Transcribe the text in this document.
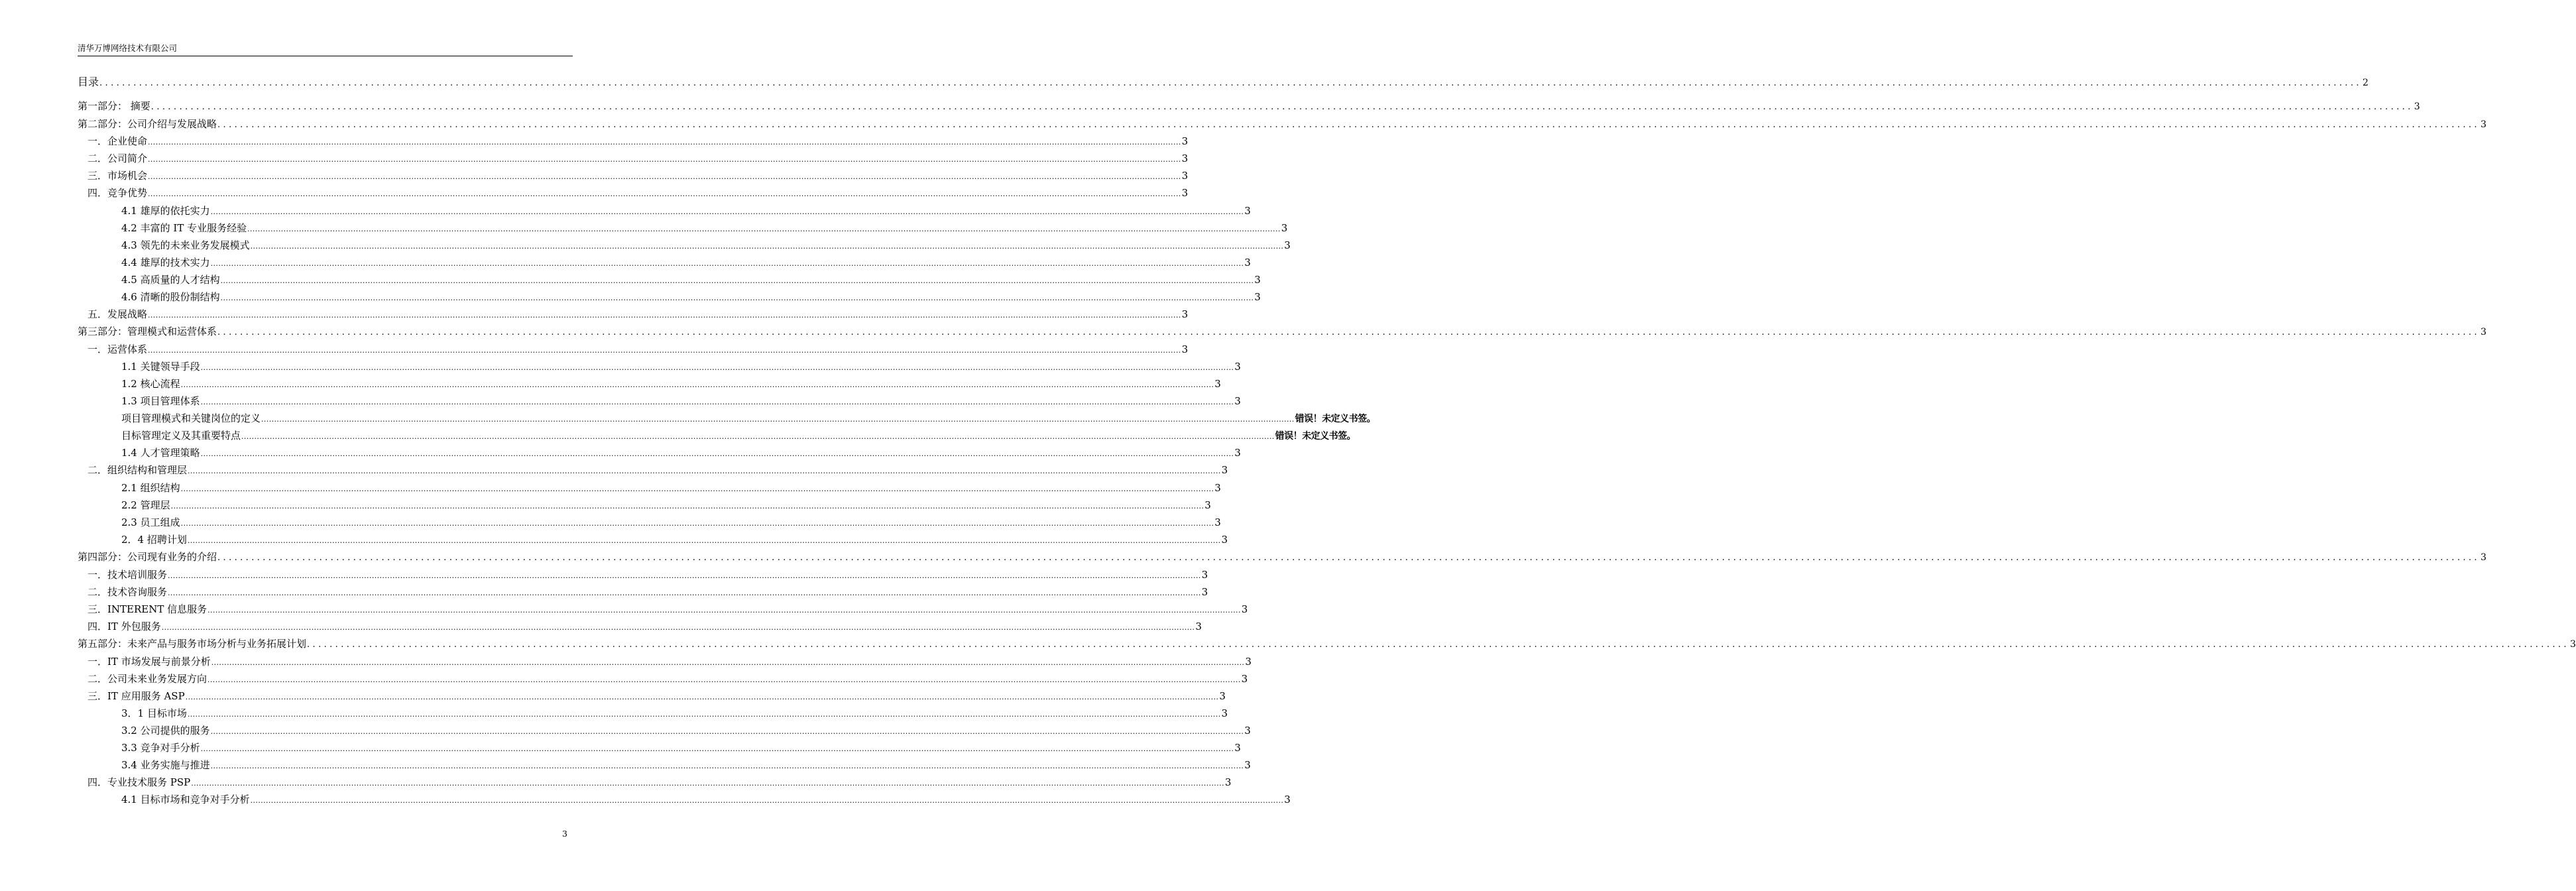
清华万博网络技术有限公司
目录 ................................................................................................................................................................................................................................................................................................................................................................................................................ 2
第一部分： 摘要 ................................................................................................................................................................................................................................................................................................................................................................................................................ 3
第二部分：公司介绍与发展战略 ................................................................................................................................................................................................................................................................................................................................................................................................................ 3
一．企业使命 ................................................................................................................................................................................................................................................................................................................................................................................................................ 3
二．公司简介 ................................................................................................................................................................................................................................................................................................................................................................................................................ 3
三．市场机会 ................................................................................................................................................................................................................................................................................................................................................................................................................ 3
四．竞争优势 ................................................................................................................................................................................................................................................................................................................................................................................................................ 3
4.1 雄厚的依托实力 ................................................................................................................................................................................................................................................................................................................................................................................................................ 3
4.2 丰富的 IT 专业服务经验 ................................................................................................................................................................................................................................................................................................................................................................................................................ 3
4.3 领先的未来业务发展模式 ................................................................................................................................................................................................................................................................................................................................................................................................................ 3
4.4 雄厚的技术实力 ................................................................................................................................................................................................................................................................................................................................................................................................................ 3
4.5 高质量的人才结构 ................................................................................................................................................................................................................................................................................................................................................................................................................ 3
4.6 清晰的股份制结构 ................................................................................................................................................................................................................................................................................................................................................................................................................ 3
五．发展战略 ................................................................................................................................................................................................................................................................................................................................................................................................................ 3
第三部分：管理模式和运营体系 ................................................................................................................................................................................................................................................................................................................................................................................................................ 3
一．运营体系 ................................................................................................................................................................................................................................................................................................................................................................................................................ 3
1.1 关键领导手段 ................................................................................................................................................................................................................................................................................................................................................................................................................ 3
1.2 核心流程 ................................................................................................................................................................................................................................................................................................................................................................................................................ 3
1.3 项目管理体系 ................................................................................................................................................................................................................................................................................................................................................................................................................ 3
项目管理模式和关键岗位的定义 ................................................................................................................................................................................................................................................................................................................................................................................................................ 错误！未定义书签。
目标管理定义及其重要特点 ................................................................................................................................................................................................................................................................................................................................................................................................................ 错误！未定义书签。
1.4 人才管理策略 ................................................................................................................................................................................................................................................................................................................................................................................................................ 3
二．组织结构和管理层 ................................................................................................................................................................................................................................................................................................................................................................................................................ 3
2.1 组织结构 ................................................................................................................................................................................................................................................................................................................................................................................................................ 3
2.2 管理层 ................................................................................................................................................................................................................................................................................................................................................................................................................ 3
2.3 员工组成 ................................................................................................................................................................................................................................................................................................................................................................................................................ 3
2．4 招聘计划 ................................................................................................................................................................................................................................................................................................................................................................................................................ 3
第四部分：公司现有业务的介绍 ................................................................................................................................................................................................................................................................................................................................................................................................................ 3
一．技术培训服务 ................................................................................................................................................................................................................................................................................................................................................................................................................ 3
二．技术咨询服务 ................................................................................................................................................................................................................................................................................................................................................................................................................ 3
三．INTERENT 信息服务 ................................................................................................................................................................................................................................................................................................................................................................................................................ 3
四．IT 外包服务 ................................................................................................................................................................................................................................................................................................................................................................................................................ 3
第五部分：未来产品与服务市场分析与业务拓展计划 ................................................................................................................................................................................................................................................................................................................................................................................................................ 3
一．IT 市场发展与前景分析 ................................................................................................................................................................................................................................................................................................................................................................................................................ 3
二．公司未来业务发展方向 ................................................................................................................................................................................................................................................................................................................................................................................................................ 3
三．IT 应用服务 ASP ................................................................................................................................................................................................................................................................................................................................................................................................................ 3
3．1 目标市场 ................................................................................................................................................................................................................................................................................................................................................................................................................ 3
3.2 公司提供的服务 ................................................................................................................................................................................................................................................................................................................................................................................................................ 3
3.3 竞争对手分析 ................................................................................................................................................................................................................................................................................................................................................................................................................ 3
3.4 业务实施与推进 ................................................................................................................................................................................................................................................................................................................................................................................................................ 3
四．专业技术服务 PSP ................................................................................................................................................................................................................................................................................................................................................................................................................ 3
4.1 目标市场和竞争对手分析 ................................................................................................................................................................................................................................................................................................................................................................................................................ 3
3
